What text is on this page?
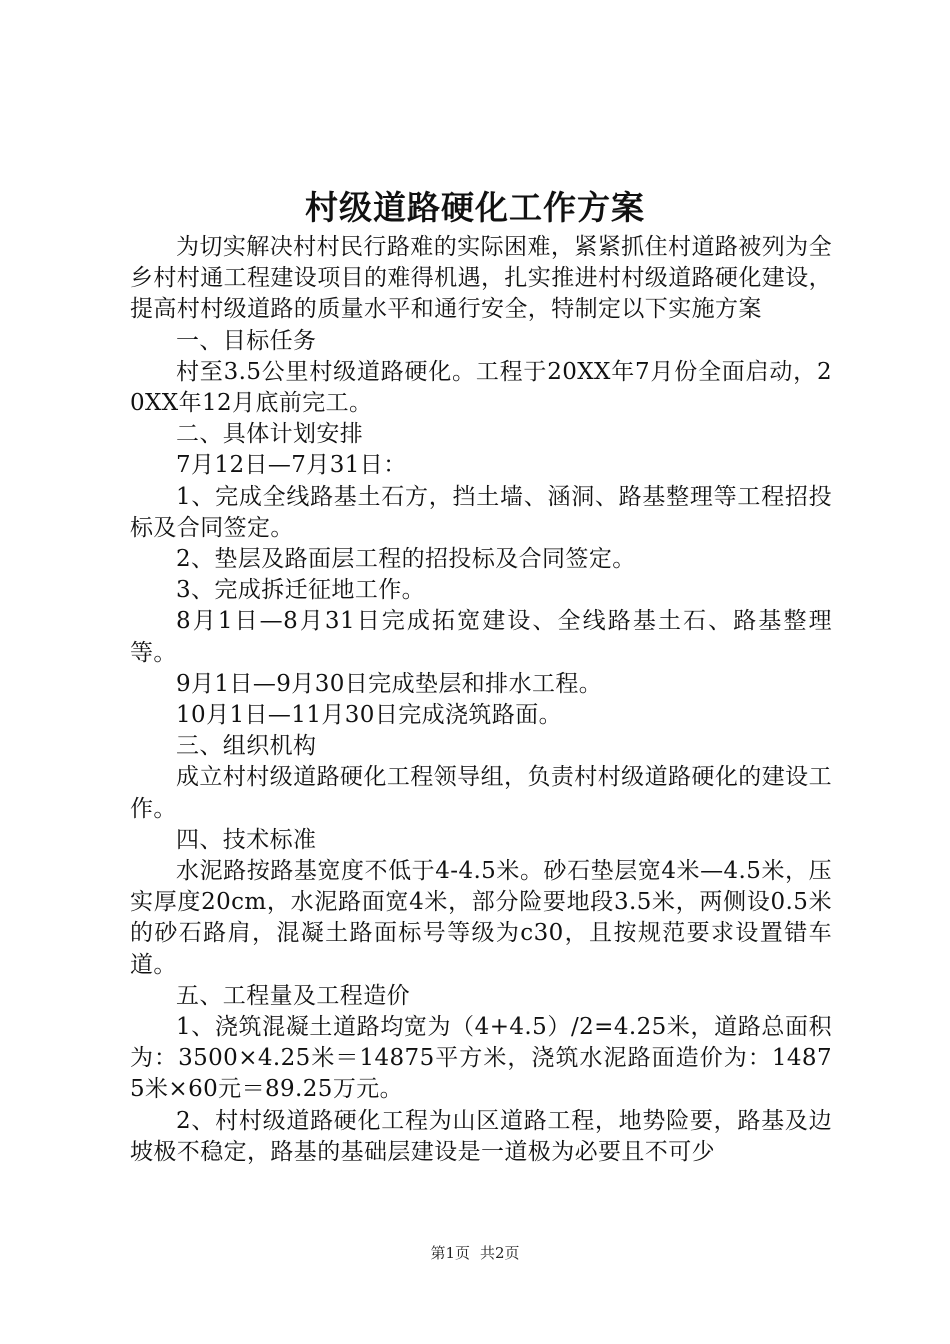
村级道路硬化工作方案

为切实解决村村民行路难的实际困难，紧紧抓住村道路被列为全乡村村通工程建设项目的难得机遇，扎实推进村村级道路硬化建设，提高村村级道路的质量水平和通行安全，特制定以下实施方案

一、目标任务

村至3.5公里村级道路硬化。工程于20XX年7月份全面启动，20XX年12月底前完工。

二、具体计划安排

7月12日—7月31日：

1、完成全线路基土石方，挡土墙、涵洞、路基整理等工程招投标及合同签定。

2、垫层及路面层工程的招投标及合同签定。

3、完成拆迁征地工作。

8月1日—8月31日完成拓宽建设、全线路基土石、路基整理等。

9月1日—9月30日完成垫层和排水工程。

10月1日—11月30日完成浇筑路面。

三、组织机构

成立村村级道路硬化工程领导组，负责村村级道路硬化的建设工作。

四、技术标准

水泥路按路基宽度不低于4-4.5米。砂石垫层宽4米—4.5米，压实厚度20cm，水泥路面宽4米，部分险要地段3.5米，两侧设0.5米的砂石路肩，混凝土路面标号等级为c30，且按规范要求设置错车道。

五、工程量及工程造价

1、浇筑混凝土道路均宽为（4+4.5）/2=4.25米，道路总面积为：3500×4.25米＝14875平方米，浇筑水泥路面造价为：14875米×60元＝89.25万元。

2、村村级道路硬化工程为山区道路工程，地势险要，路基及边坡极不稳定，路基的基础层建设是一道极为必要且不可少

第1页 共2页
